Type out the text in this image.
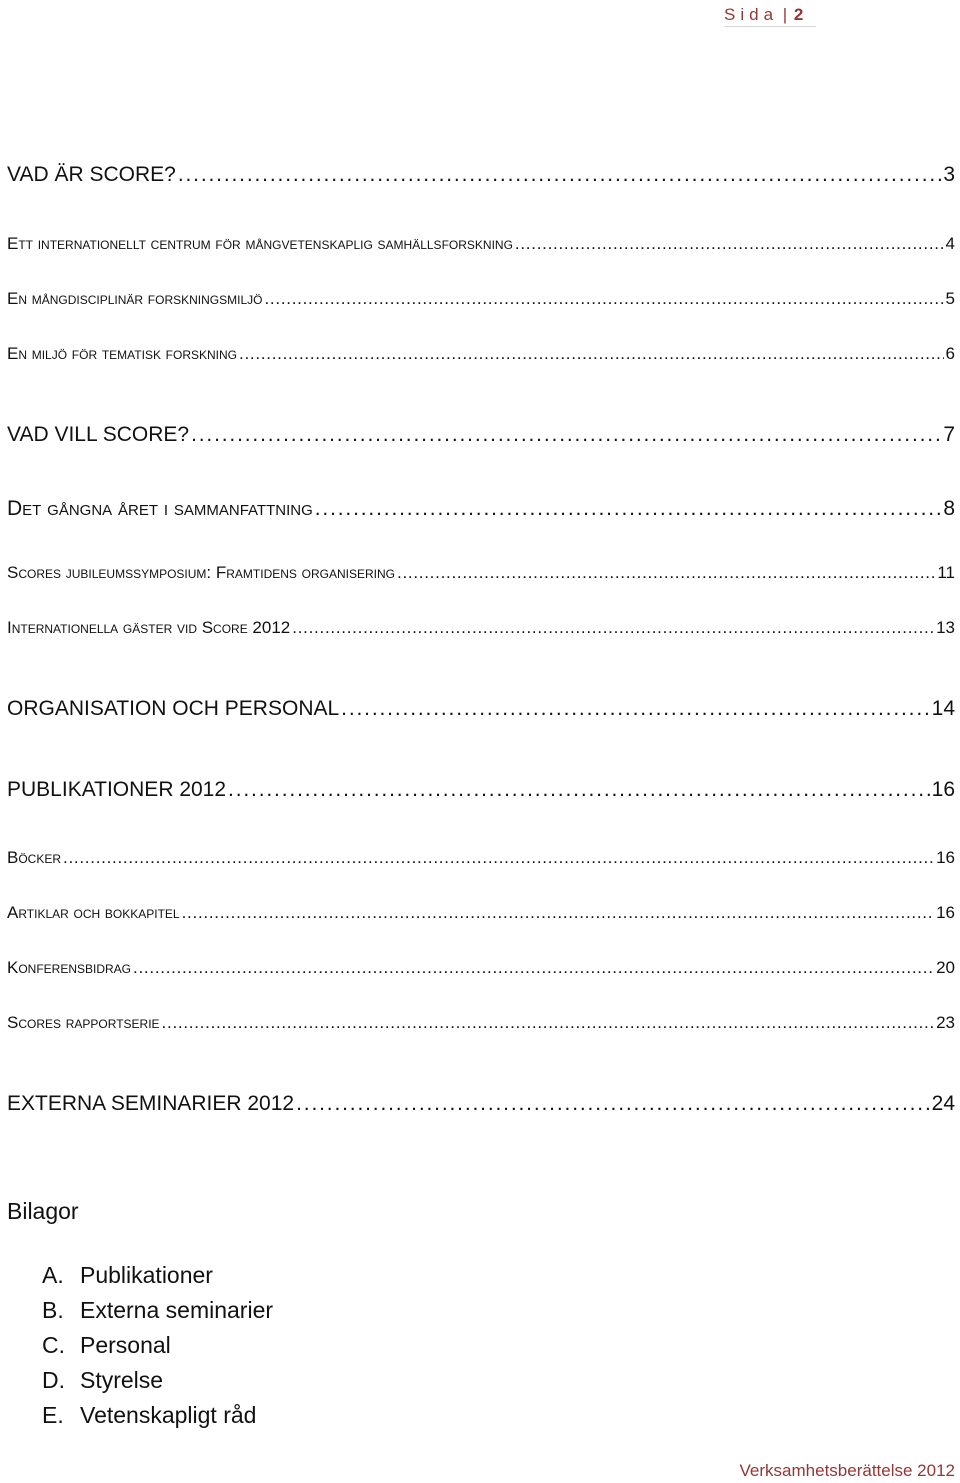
Sida | 2
VAD ÄR SCORE? . . .	3
Ett internationellt centrum för mångvetenskaplig samhällsforskning . . .	4
En mångdisciplinär forskningsmiljö . . .	5
En miljö för tematisk forskning . . .	6
VAD VILL SCORE? . . .	7
Det gångna året i sammanfattning . . .	8
Scores jubileumssymposium: Framtidens organisering . . .	11
Internationella gäster vid Score 2012 . . .	13
ORGANISATION OCH PERSONAL . . .	14
PUBLIKATIONER 2012 . . .	16
Böcker . . .	16
Artiklar och bokkapitel . . .	16
Konferensbidrag . . .	20
Scores rapportserie . . .	23
EXTERNA SEMINARIER 2012 . . .	24
Bilagor
A. Publikationer
B. Externa seminarier
C. Personal
D. Styrelse
E. Vetenskapligt råd
Verksamhetsberättelse 2012
